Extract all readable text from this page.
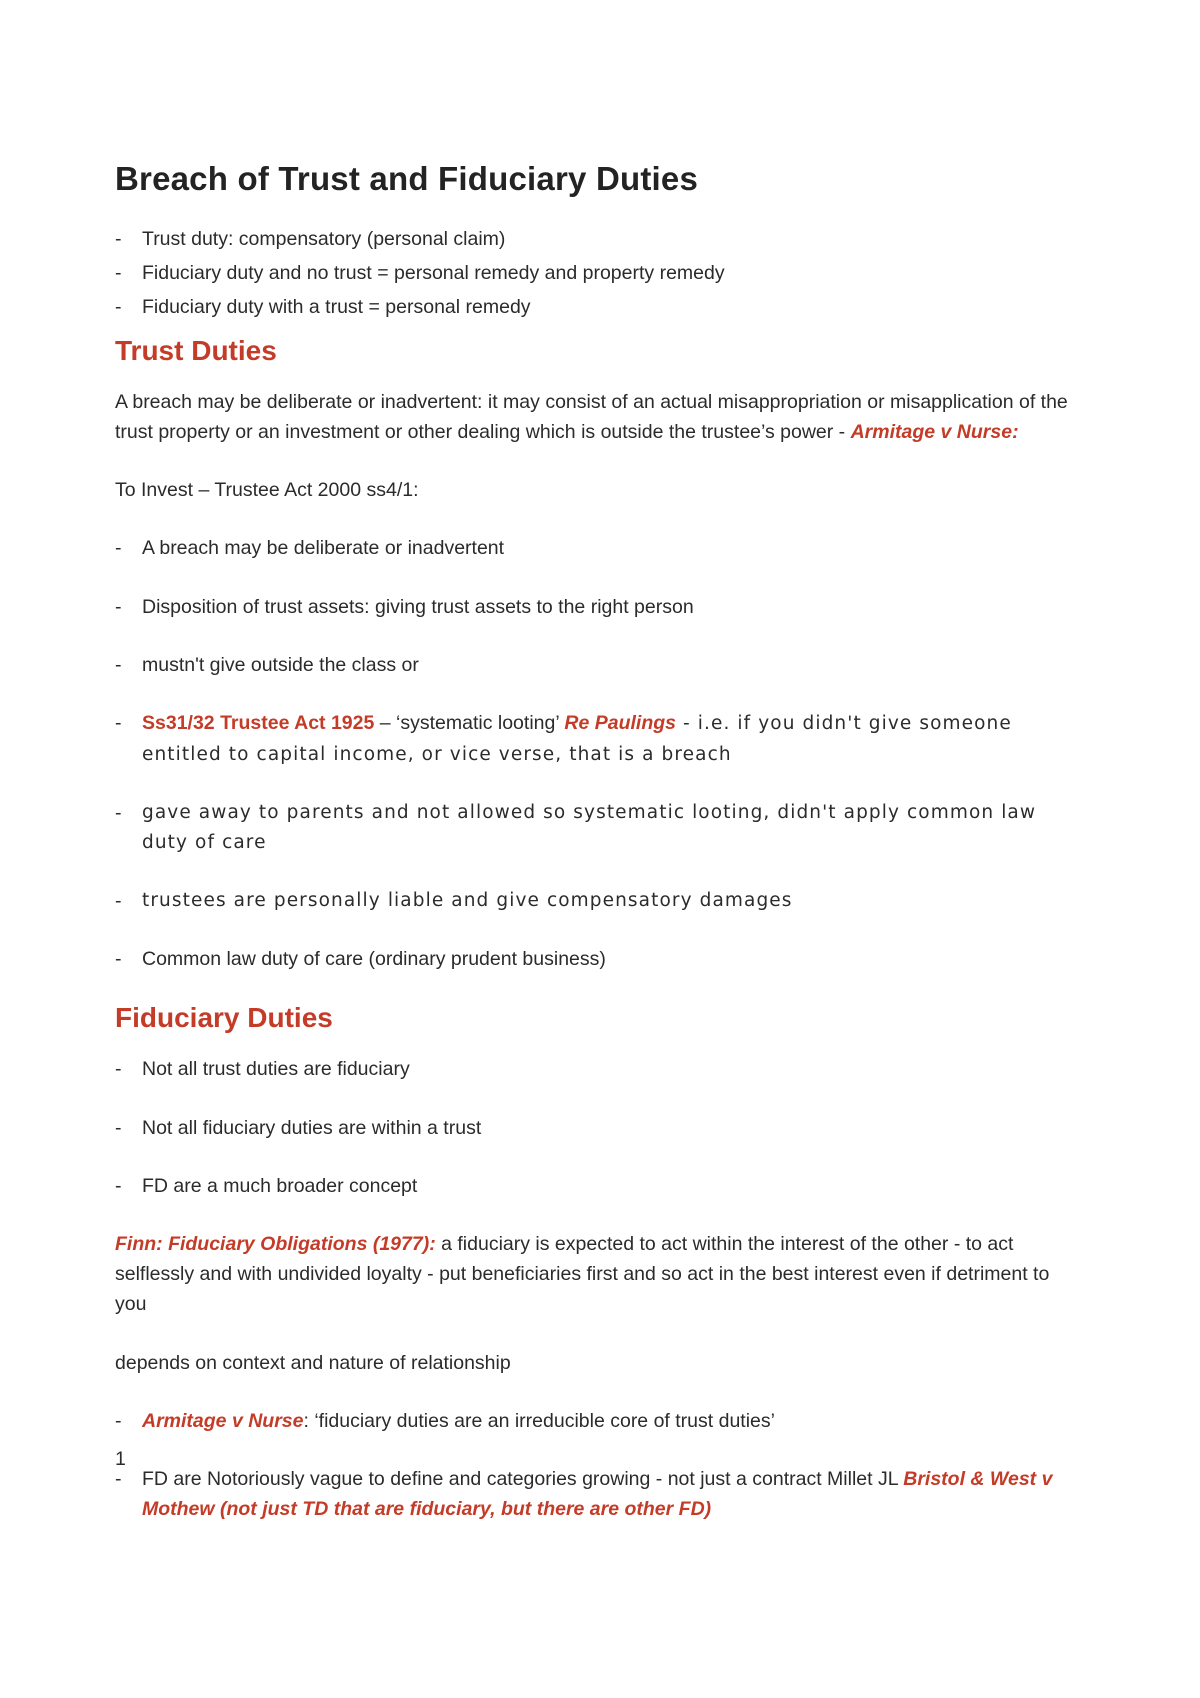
Breach of Trust and Fiduciary Duties
- Trust duty: compensatory (personal claim)
- Fiduciary duty and no trust = personal remedy and property remedy
- Fiduciary duty with a trust = personal remedy
Trust Duties

A breach may be deliberate or inadvertent: it may consist of an actual misappropriation or misapplication of the trust property or an investment or other dealing which is outside the trustee’s power - Armitage v Nurse:

To Invest – Trustee Act 2000 ss4/1:

- A breach may be deliberate or inadvertent
- Disposition of trust assets: giving trust assets to the right person
- mustn't give outside the class or
- Ss31/32 Trustee Act 1925 – ‘systematic looting’ Re Paulings - i.e. if you didn't give someone entitled to capital income, or vice verse, that is a breach
- gave away to parents and not allowed so systematic looting, didn't apply common law duty of care
- trustees are personally liable and give compensatory damages
- Common law duty of care (ordinary prudent business)
Fiduciary Duties
- Not all trust duties are fiduciary
- Not all fiduciary duties are within a trust
- FD are a much broader concept

Finn: Fiduciary Obligations (1977): a fiduciary is expected to act within the interest of the other - to act selflessly and with undivided loyalty - put beneficiaries first and so act in the best interest even if detriment to you

depends on context and nature of relationship

- Armitage v Nurse: ‘fiduciary duties are an irreducible core of trust duties’
- FD are Notoriously vague to define and categories growing - not just a contract Millet JL Bristol & West v Mothew (not just TD that are fiduciary, but there are other FD)
1
